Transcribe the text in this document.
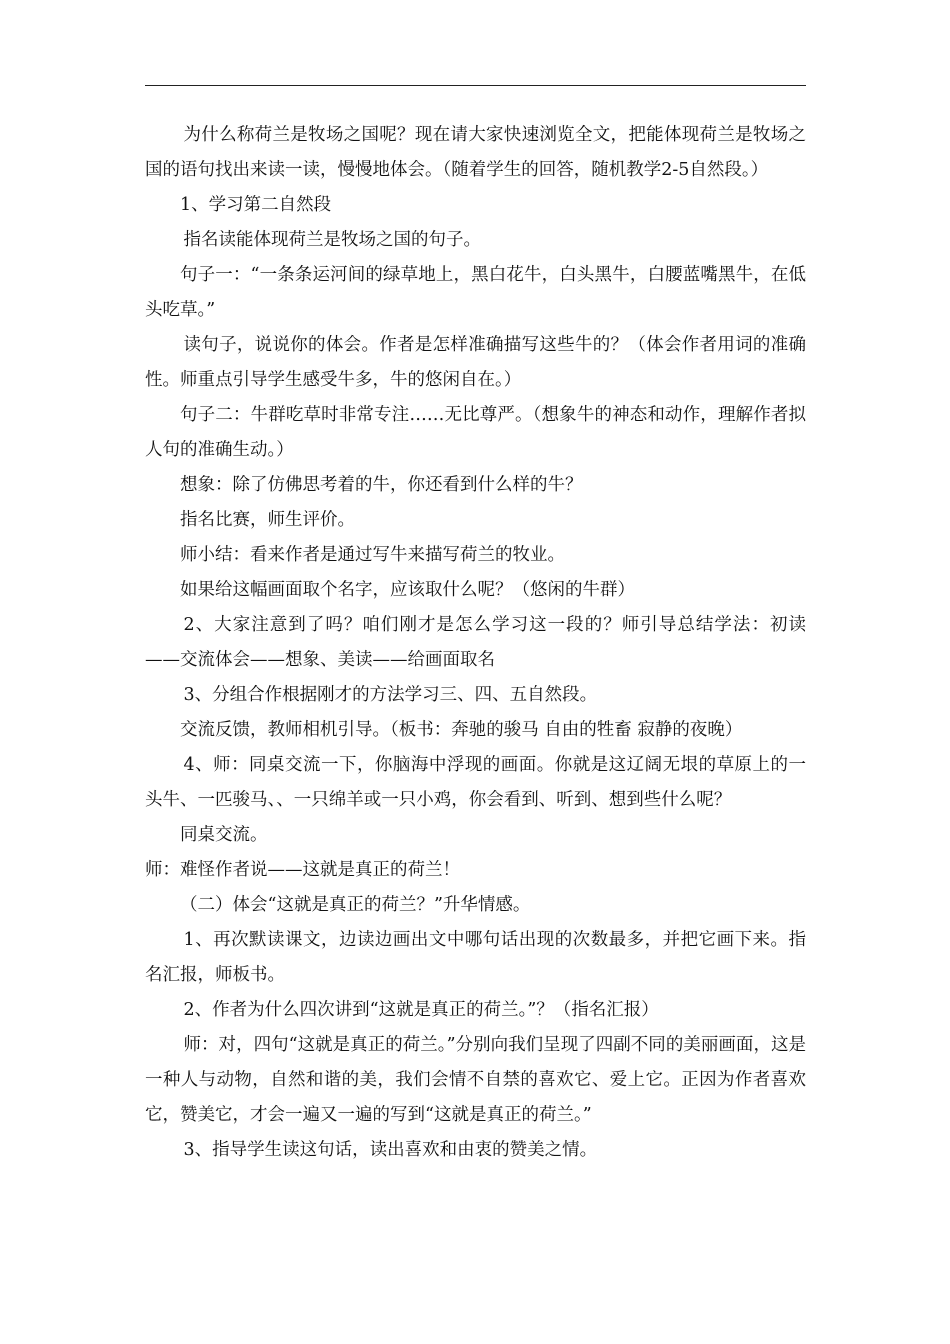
为什么称荷兰是牧场之国呢？现在请大家快速浏览全文，把能体现荷兰是牧场之国的语句找出来读一读，慢慢地体会。（随着学生的回答，随机教学2-5自然段。）

1、学习第二自然段

指名读能体现荷兰是牧场之国的句子。

句子一：“一条条运河间的绿草地上，黑白花牛，白头黑牛，白腰蓝嘴黑牛，在低头吃草。”

读句子，说说你的体会。作者是怎样准确描写这些牛的？（体会作者用词的准确性。师重点引导学生感受牛多，牛的悠闲自在。）

句子二：牛群吃草时非常专注……无比尊严。（想象牛的神态和动作，理解作者拟人句的准确生动。）

想象：除了仿佛思考着的牛，你还看到什么样的牛？

指名比赛，师生评价。

师小结：看来作者是通过写牛来描写荷兰的牧业。

如果给这幅画面取个名字，应该取什么呢？（悠闲的牛群）

2、大家注意到了吗？咱们刚才是怎么学习这一段的？师引导总结学法：初读——交流体会——想象、美读——给画面取名

3、分组合作根据刚才的方法学习三、四、五自然段。

交流反馈，教师相机引导。（板书：奔驰的骏马 自由的牲畜 寂静的夜晚）

4、师：同桌交流一下，你脑海中浮现的画面。你就是这辽阔无垠的草原上的一头牛、一匹骏马、、一只绵羊或一只小鸡，你会看到、听到、想到些什么呢？

同桌交流。

师：难怪作者说——这就是真正的荷兰！

（二）体会“这就是真正的荷兰？”升华情感。

1、再次默读课文，边读边画出文中哪句话出现的次数最多，并把它画下来。指名汇报，师板书。

2、作者为什么四次讲到“这就是真正的荷兰。”？（指名汇报）

师：对，四句“这就是真正的荷兰。”分别向我们呈现了四副不同的美丽画面，这是一种人与动物，自然和谐的美，我们会情不自禁的喜欢它、爱上它。正因为作者喜欢它，赞美它，才会一遍又一遍的写到“这就是真正的荷兰。”

3、指导学生读这句话，读出喜欢和由衷的赞美之情。
